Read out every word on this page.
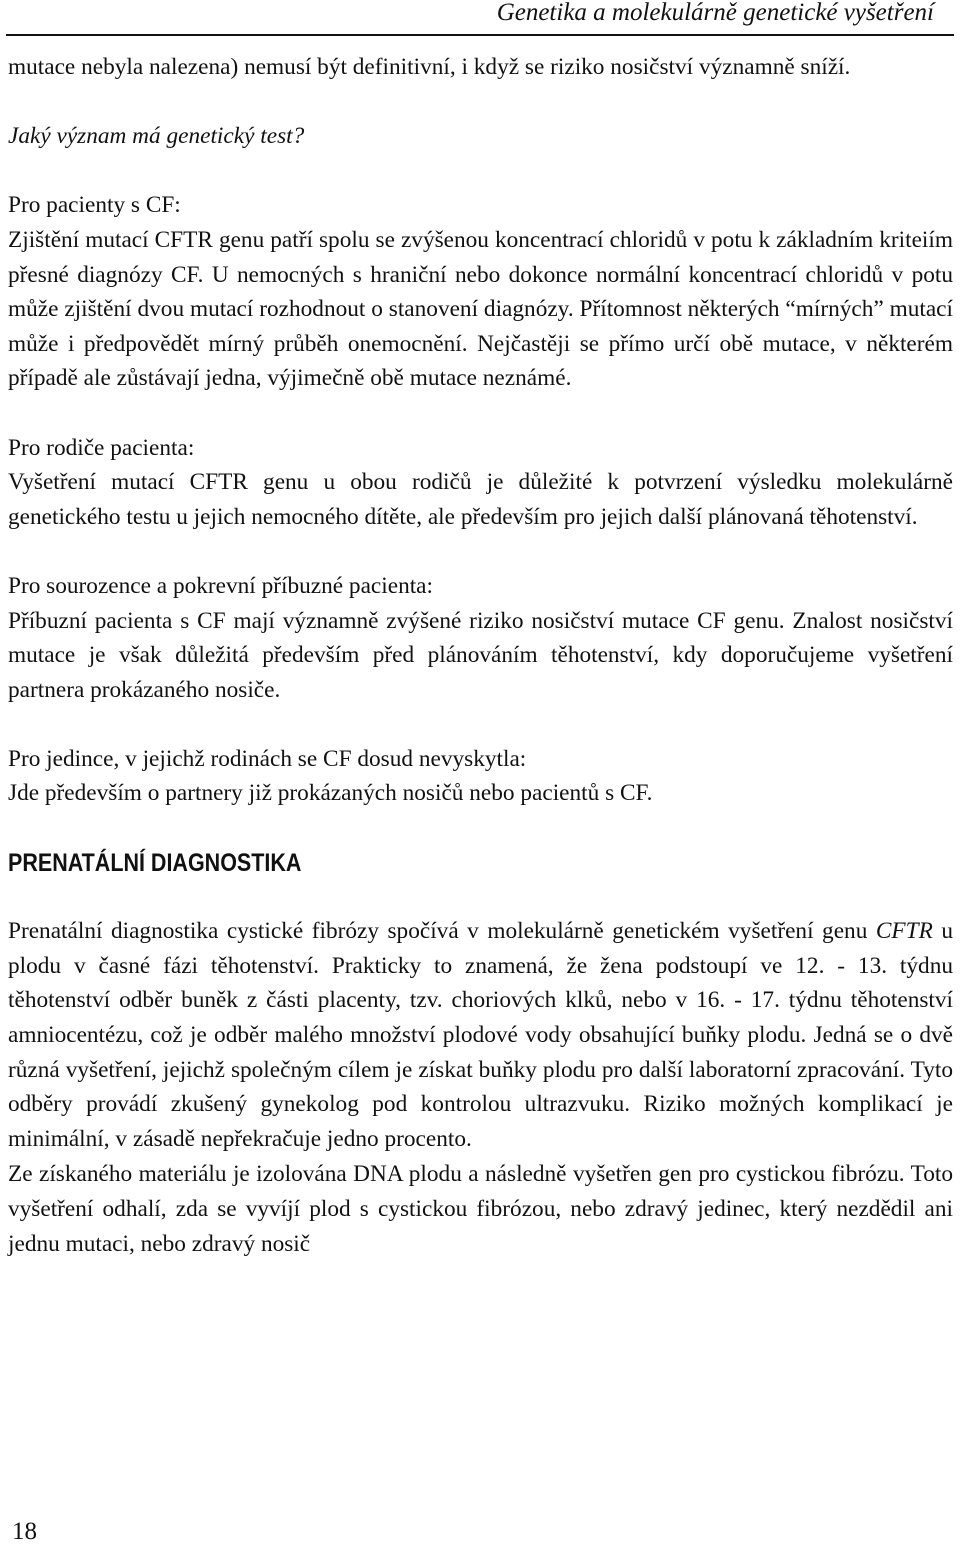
Genetika a molekulárně genetické vyšetření

mutace nebyla nalezena) nemusí být definitivní, i když se riziko nosičství významně sníží.

Jaký význam má genetický test?

Pro pacienty s CF:

Zjištění mutací CFTR genu patří spolu se zvýšenou koncentrací chloridů v potu k základním kriteiím přesné diagnózy CF. U nemocných s hraniční nebo dokonce normální koncentrací chloridů v potu může zjištění dvou mutací rozhodnout o stanovení diagnózy. Přítomnost některých “mírných” mutací může i předpovědět mírný průběh onemocnění. Nejčastěji se přímo určí obě mutace, v některém případě ale zůstávají jedna, výjimečně obě mutace neznámé.

Pro rodiče pacienta:

Vyšetření mutací CFTR genu u obou rodičů je důležité k potvrzení výsledku molekulárně genetického testu u jejich nemocného dítěte, ale především pro jejich další plánovaná těhotenství.

Pro sourozence a pokrevní příbuzné pacienta:

Příbuzní pacienta s CF mají významně zvýšené riziko nosičství mutace CF genu. Znalost nosičství mutace je však důležitá především před plánováním těhotenství, kdy doporučujeme vyšetření partnera prokázaného nosiče.

Pro jedince, v jejichž rodinách se CF dosud nevyskytla:

Jde především o partnery již prokázaných nosičů nebo pacientů s CF.

PRENATÁLNÍ DIAGNOSTIKA

Prenatální diagnostika cystické fibrózy spočívá v molekulárně genetickém vyšetření genu CFTR u plodu v časné fázi těhotenství. Prakticky to znamená, že žena podstoupí ve 12. - 13. týdnu těhotenství odběr buněk z části placenty, tzv. choriových klků, nebo v 16. - 17. týdnu těhotenství amniocentézu, což je odběr malého množství plodové vody obsahující buňky plodu. Jedná se o dvě různá vyšetření, jejichž společným cílem je získat buňky plodu pro další laboratorní zpracování. Tyto odběry provádí zkušený gynekolog pod kontrolou ultrazvuku. Riziko možných komplikací je minimální, v zásadě nepřekračuje jedno procento.

Ze získaného materiálu je izolována DNA plodu a následně vyšetřen gen pro cystickou fibrózu. Toto vyšetření odhalí, zda se vyvíjí plod s cystickou fibrózou, nebo zdravý jedinec, který nezdědil ani jednu mutaci, nebo zdravý nosič

18
